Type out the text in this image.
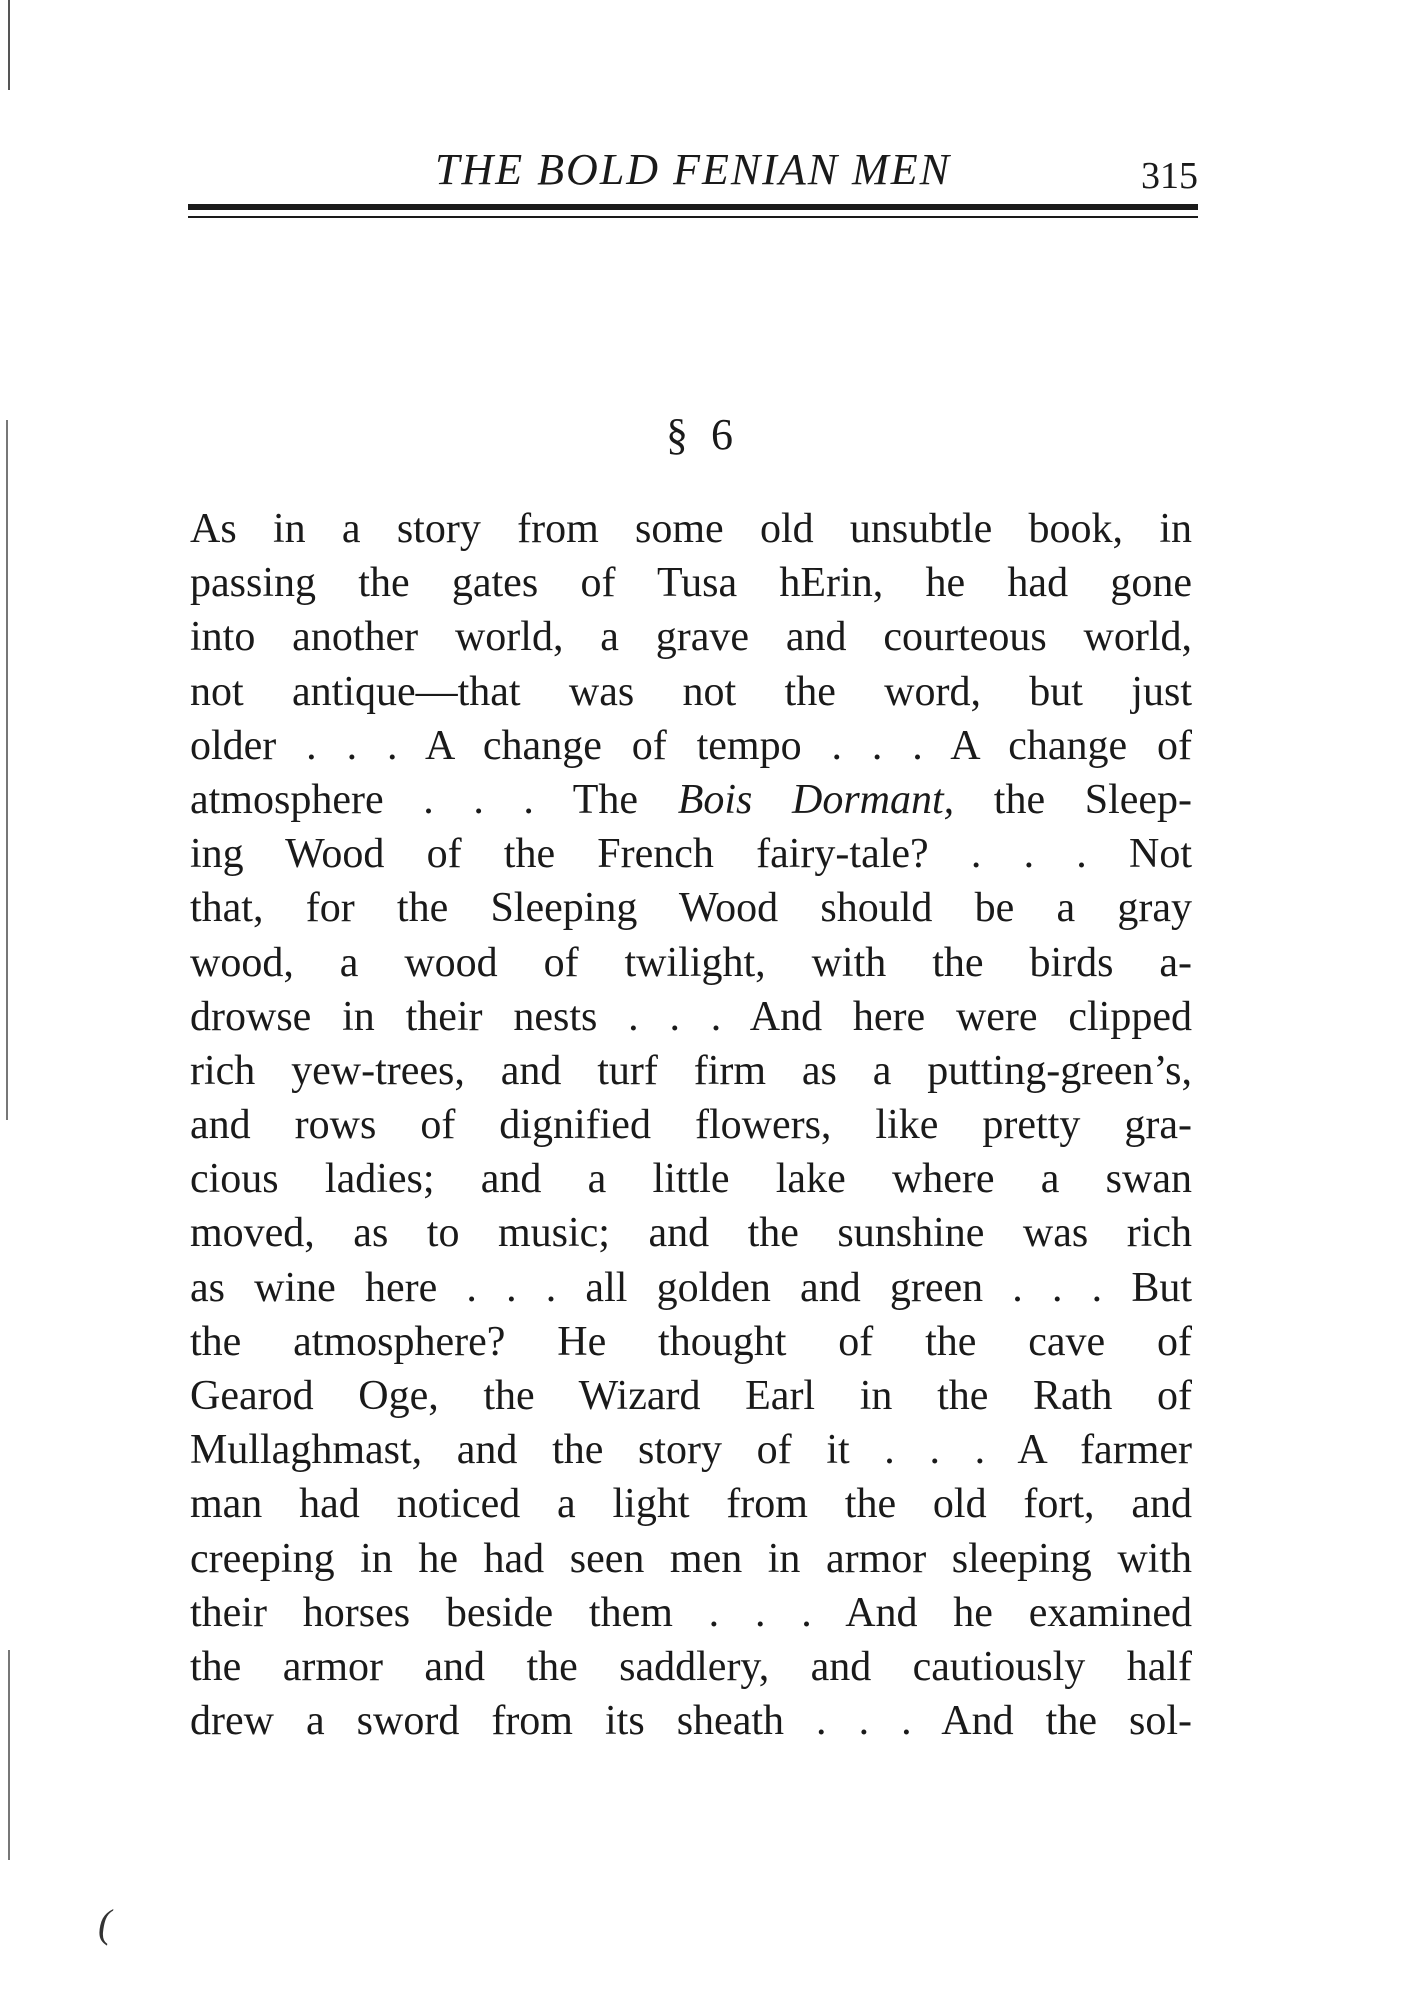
THE BOLD FENIAN MEN	315
§ 6
As in a story from some old unsubtle book, in
passing the gates of Tusa hErin, he had gone
into another world, a grave and courteous world,
not antique—that was not the word, but just
older . . . A change of tempo . . . A change of
atmosphere . . . The Bois Dormant, the Sleep-
ing Wood of the French fairy-tale? . . . Not
that, for the Sleeping Wood should be a gray
wood, a wood of twilight, with the birds a-
drowse in their nests . . . And here were clipped
rich yew-trees, and turf firm as a putting-green’s,
and rows of dignified flowers, like pretty gra-
cious ladies; and a little lake where a swan
moved, as to music; and the sunshine was rich
as wine here . . . all golden and green . . . But
the atmosphere? He thought of the cave of
Gearod Oge, the Wizard Earl in the Rath of
Mullaghmast, and the story of it . . . A farmer
man had noticed a light from the old fort, and
creeping in he had seen men in armor sleeping with
their horses beside them . . . And he examined
the armor and the saddlery, and cautiously half
drew a sword from its sheath . . . And the sol-
(
